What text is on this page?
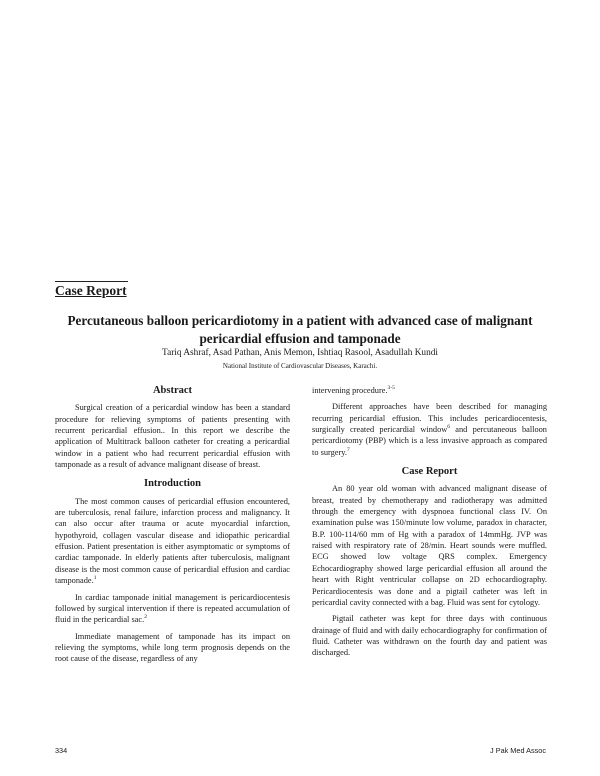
Case Report
Percutaneous balloon pericardiotomy in a patient with advanced case of malignant pericardial effusion and tamponade
Tariq Ashraf, Asad Pathan, Anis Memon, Ishtiaq Rasool, Asadullah Kundi
National Institute of Cardiovascular Diseases, Karachi.
Abstract

Surgical creation of a pericardial window has been a standard procedure for relieving symptoms of patients presenting with recurrent pericardial effusion.. In this report we describe the application of Multitrack balloon catheter for creating a pericardial window in a patient who had recurrent pericardial effusion with tamponade as a result of advance malignant disease of breast.

Introduction

The most common causes of pericardial effusion encountered, are tuberculosis, renal failure, infarction process and malignancy. It can also occur after trauma or acute myocardial infarction, hypothyroid, collagen vascular disease and idiopathic pericardial effusion. Patient presentation is either asymptomatic or symptoms of cardiac tamponade. In elderly patients after tuberculosis, malignant disease is the most common cause of pericardial effusion and cardiac tamponade.$^1$

In cardiac tamponade initial management is pericardiocentesis followed by surgical intervention if there is repeated accumulation of fluid in the pericardial sac.$^2$

Immediate management of tamponade has its impact on relieving the symptoms, while long term prognosis depends on the root cause of the disease, regardless of any

intervening procedure.$^{3-5}$

Different approaches have been described for managing recurring pericardial effusion. This includes pericardiocentesis, surgically created pericardial window$^6$ and percutaneous balloon pericardiotomy (PBP) which is a less invasive approach as compared to surgery.$^7$

Case Report

An 80 year old woman with advanced malignant disease of breast, treated by chemotherapy and radiotherapy was admitted through the emergency with dyspnoea functional class IV. On examination pulse was 150/minute low volume, paradox in character, B.P. 100-114/60 mm of Hg with a paradox of 14mmHg. JVP was raised with respiratory rate of 28/min. Heart sounds were muffled. ECG showed low voltage QRS complex. Emergency Echocardiography showed large pericardial effusion all around the heart with Right ventricular collapse on 2D echocardiography. Pericardiocentesis was done and a pigtail catheter was left in pericardial cavity connected with a bag. Fluid was sent for cytology.

Pigtail catheter was kept for three days with continuous drainage of fluid and with daily echocardiography for confirmation of fluid. Catheter was withdrawn on the fourth day and patient was discharged.

334	J Pak Med Assoc
